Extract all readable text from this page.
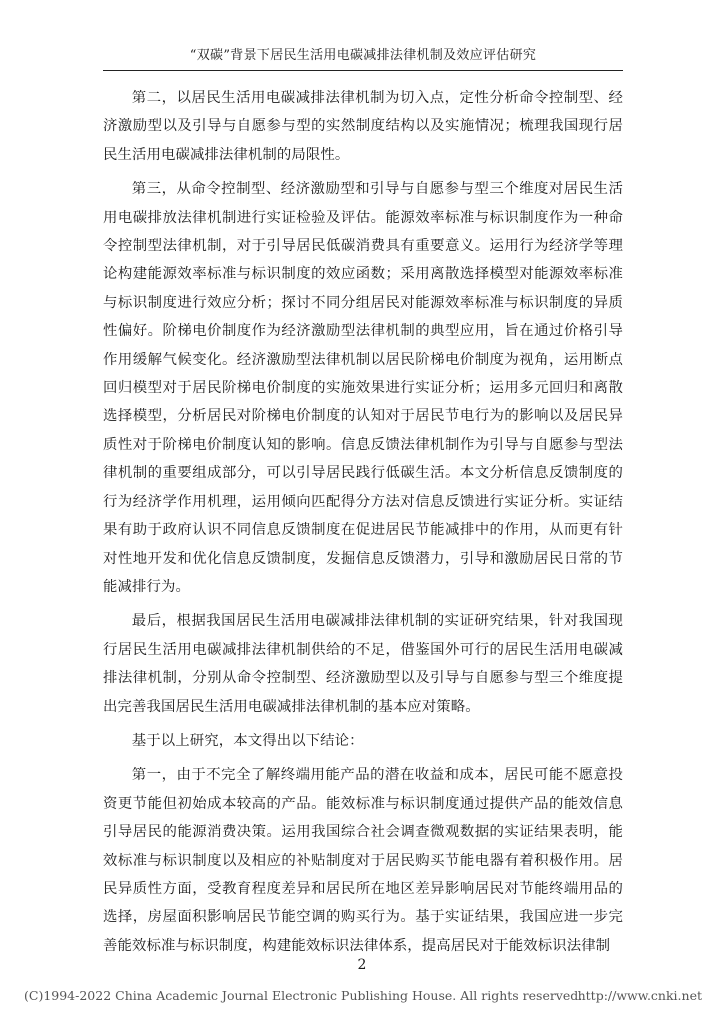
“双碳”背景下居民生活用电碳减排法律机制及效应评估研究

第二，以居民生活用电碳减排法律机制为切入点，定性分析命令控制型、经济激励型以及引导与自愿参与型的实然制度结构以及实施情况；梳理我国现行居民生活用电碳减排法律机制的局限性。

第三，从命令控制型、经济激励型和引导与自愿参与型三个维度对居民生活用电碳排放法律机制进行实证检验及评估。能源效率标准与标识制度作为一种命令控制型法律机制，对于引导居民低碳消费具有重要意义。运用行为经济学等理论构建能源效率标准与标识制度的效应函数；采用离散选择模型对能源效率标准与标识制度进行效应分析；探讨不同分组居民对能源效率标准与标识制度的异质性偏好。阶梯电价制度作为经济激励型法律机制的典型应用，旨在通过价格引导作用缓解气候变化。经济激励型法律机制以居民阶梯电价制度为视角，运用断点回归模型对于居民阶梯电价制度的实施效果进行实证分析；运用多元回归和离散选择模型，分析居民对阶梯电价制度的认知对于居民节电行为的影响以及居民异质性对于阶梯电价制度认知的影响。信息反馈法律机制作为引导与自愿参与型法律机制的重要组成部分，可以引导居民践行低碳生活。本文分析信息反馈制度的行为经济学作用机理，运用倾向匹配得分方法对信息反馈进行实证分析。实证结果有助于政府认识不同信息反馈制度在促进居民节能减排中的作用，从而更有针对性地开发和优化信息反馈制度，发掘信息反馈潜力，引导和激励居民日常的节能减排行为。

最后，根据我国居民生活用电碳减排法律机制的实证研究结果，针对我国现行居民生活用电碳减排法律机制供给的不足，借鉴国外可行的居民生活用电碳减排法律机制，分别从命令控制型、经济激励型以及引导与自愿参与型三个维度提出完善我国居民生活用电碳减排法律机制的基本应对策略。

基于以上研究，本文得出以下结论：

第一，由于不完全了解终端用能产品的潜在收益和成本，居民可能不愿意投资更节能但初始成本较高的产品。能效标准与标识制度通过提供产品的能效信息引导居民的能源消费决策。运用我国综合社会调查微观数据的实证结果表明，能效标准与标识制度以及相应的补贴制度对于居民购买节能电器有着积极作用。居民异质性方面，受教育程度差异和居民所在地区差异影响居民对节能终端用品的选择，房屋面积影响居民节能空调的购买行为。基于实证结果，我国应进一步完善能效标准与标识制度，构建能效标识法律体系，提高居民对于能效标识法律制

2
(C)1994-2022 China Academic Journal Electronic Publishing House. All rights reserved.
http://www.cnki.net
